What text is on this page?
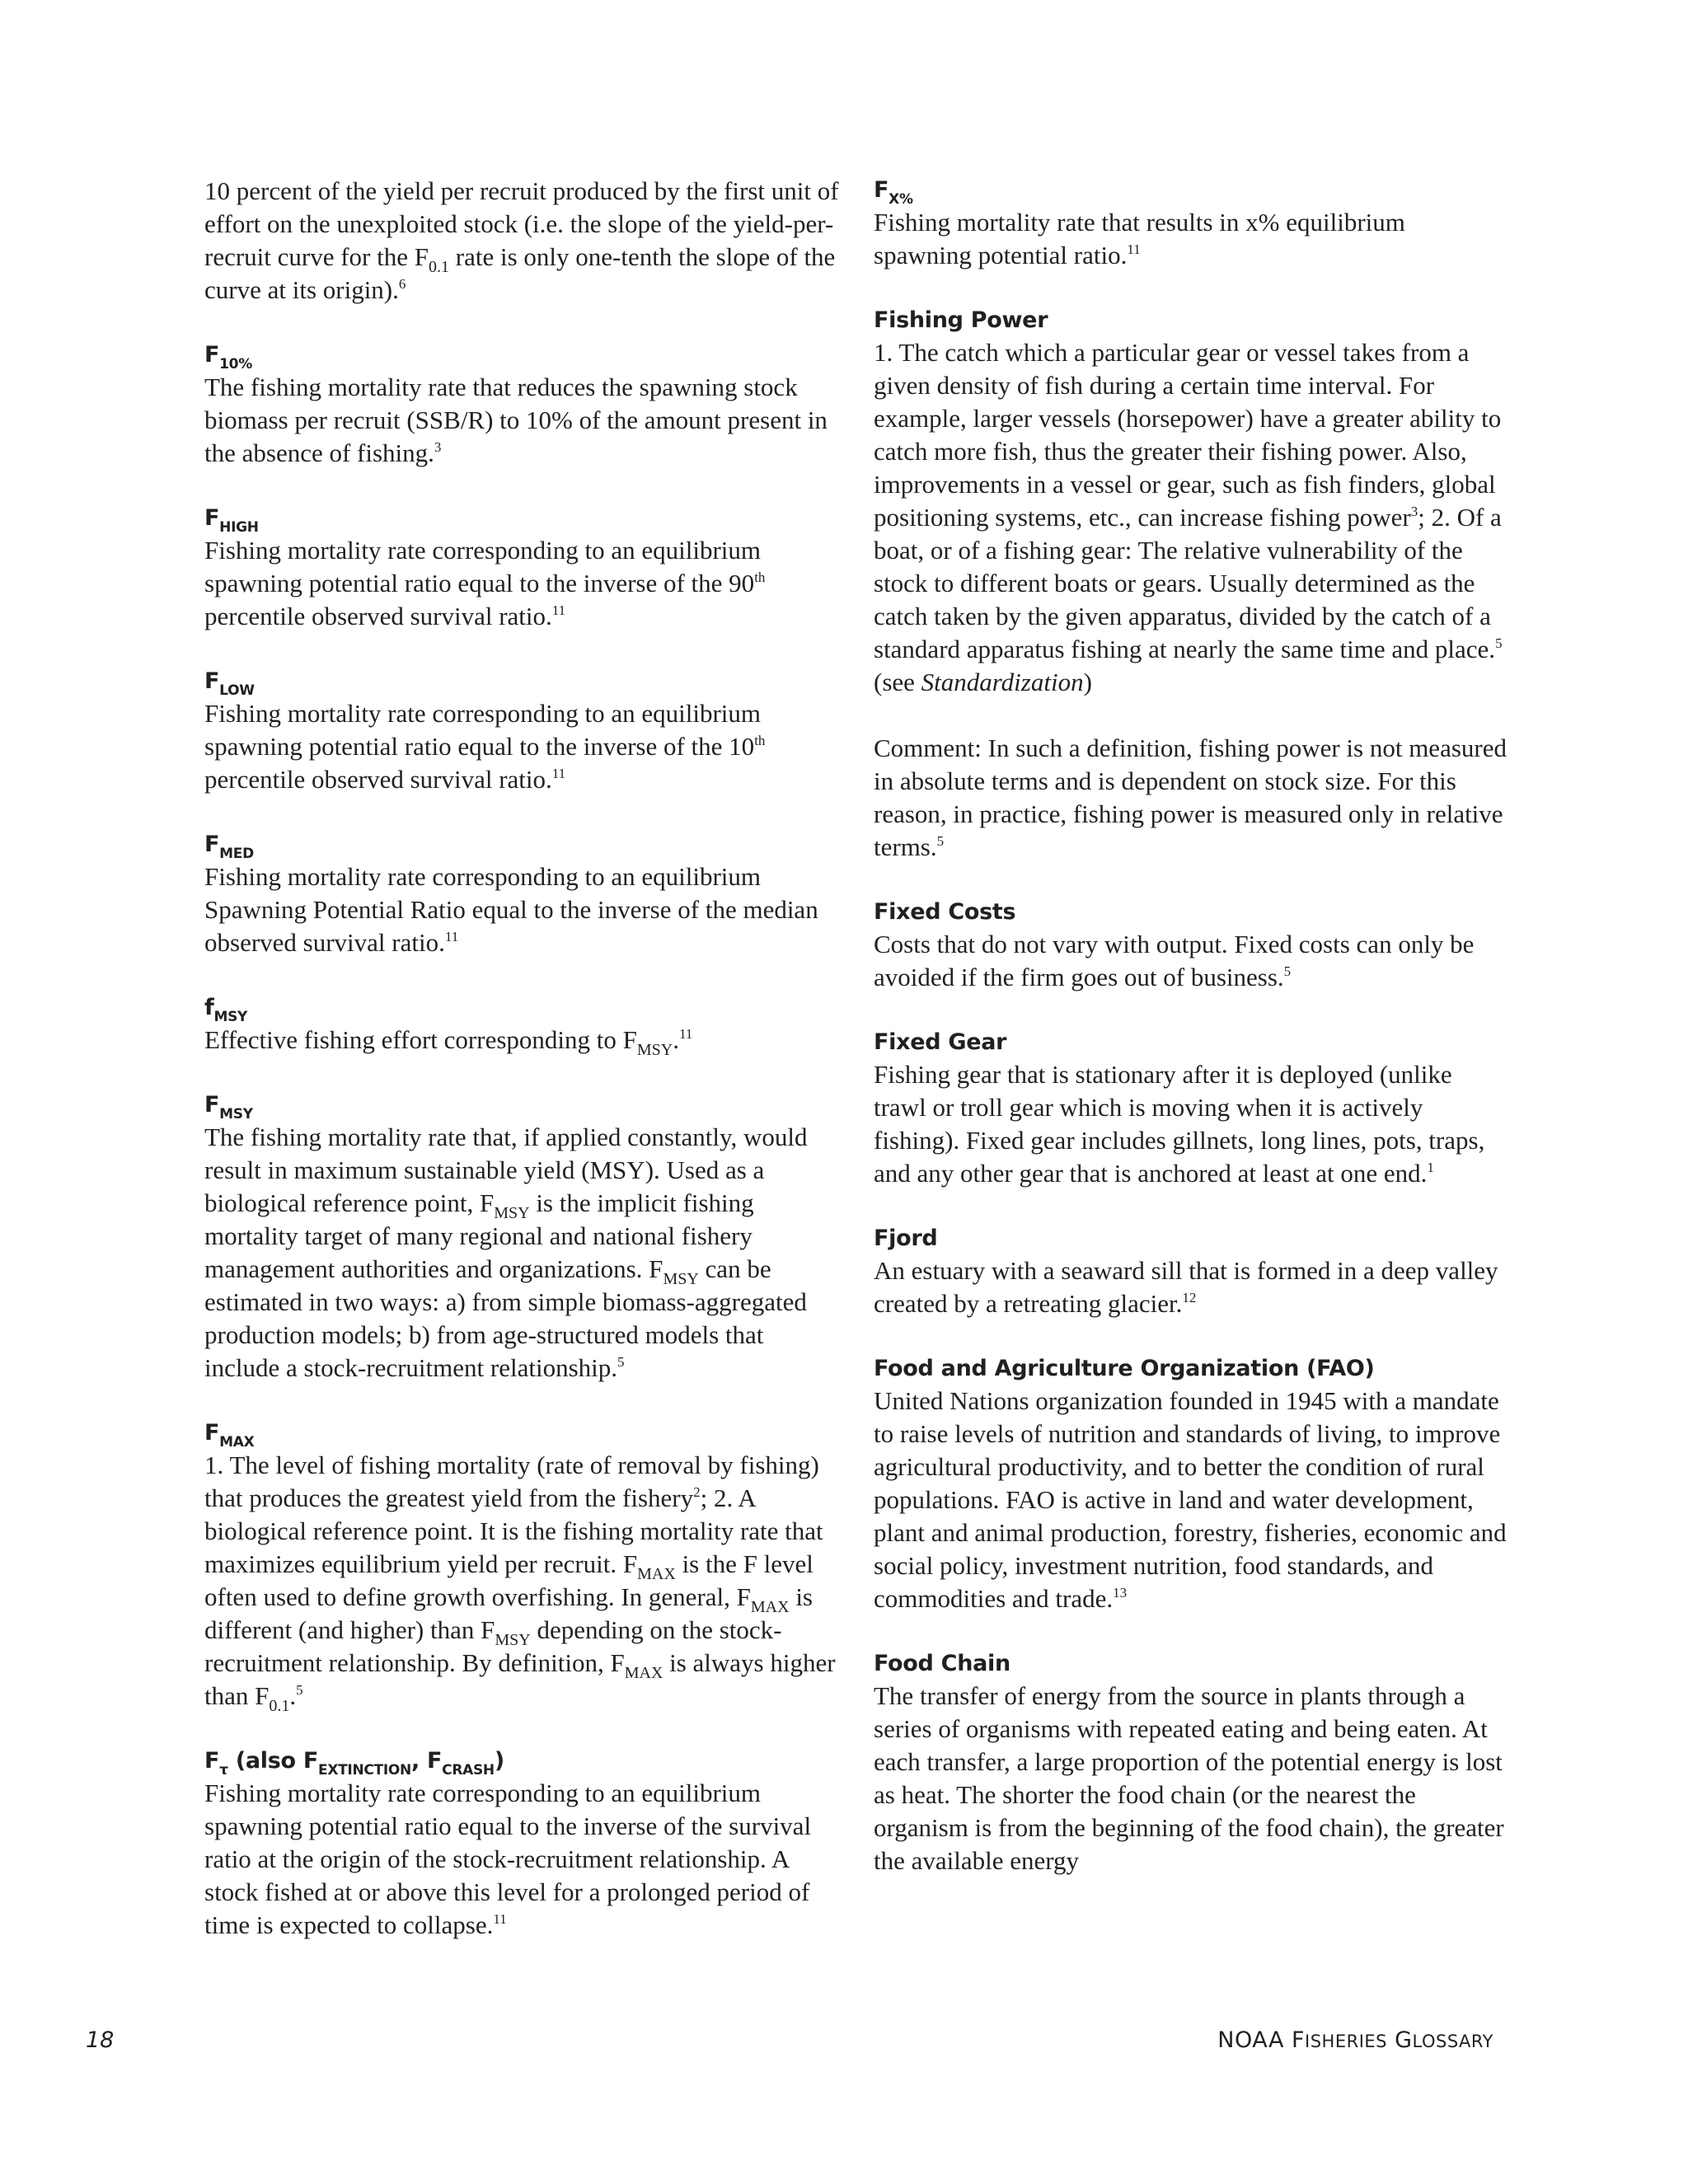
10 percent of the yield per recruit produced by the first unit of effort on the unexploited stock (i.e. the slope of the yield-per-recruit curve for the $F_{0.1}$ rate is only one-tenth the slope of the curve at its origin).$^6$
$F_{10\%}$
The fishing mortality rate that reduces the spawning stock biomass per recruit (SSB/R) to 10% of the amount present in the absence of fishing.$^3$
$F_{HIGH}$
Fishing mortality rate corresponding to an equilibrium spawning potential ratio equal to the inverse of the 90th percentile observed survival ratio.$^{11}$
$F_{LOW}$
Fishing mortality rate corresponding to an equilibrium spawning potential ratio equal to the inverse of the 10th percentile observed survival ratio.$^{11}$
$F_{MED}$
Fishing mortality rate corresponding to an equilibrium Spawning Potential Ratio equal to the inverse of the median observed survival ratio.$^{11}$
$f_{MSY}$
Effective fishing effort corresponding to $F_{MSY}.^{11}$
$F_{MSY}$
The fishing mortality rate that, if applied constantly, would result in maximum sustainable yield (MSY). Used as a biological reference point, $F_{MSY}$ is the implicit fishing mortality target of many regional and national fishery management authorities and organizations. $F_{MSY}$ can be estimated in two ways: a) from simple biomass-aggregated production models; b) from age-structured models that include a stock-recruitment relationship.$^5$
$F_{MAX}$
1. The level of fishing mortality (rate of removal by fishing) that produces the greatest yield from the fishery$^2$; 2. A biological reference point. It is the fishing mortality rate that maximizes equilibrium yield per recruit. $F_{MAX}$ is the F level often used to define growth overfishing. In general, $F_{MAX}$ is different (and higher) than $F_{MSY}$ depending on the stock-recruitment relationship. By definition, $F_{MAX}$ is always higher than $F_{0.1}.^5$
$F_\tau$ (also $F_{EXTINCTION}$, $F_{CRASH}$)
Fishing mortality rate corresponding to an equilibrium spawning potential ratio equal to the inverse of the survival ratio at the origin of the stock-recruitment relationship. A stock fished at or above this level for a prolonged period of time is expected to collapse.$^{11}$
$F_{X\%}$
Fishing mortality rate that results in x% equilibrium spawning potential ratio.$^{11}$
Fishing Power
1. The catch which a particular gear or vessel takes from a given density of fish during a certain time interval. For example, larger vessels (horsepower) have a greater ability to catch more fish, thus the greater their fishing power. Also, improvements in a vessel or gear, such as fish finders, global positioning systems, etc., can increase fishing power$^3$; 2. Of a boat, or of a fishing gear: The relative vulnerability of the stock to different boats or gears. Usually determined as the catch taken by the given apparatus, divided by the catch of a standard apparatus fishing at nearly the same time and place.$^5$ (see Standardization)
Comment: In such a definition, fishing power is not measured in absolute terms and is dependent on stock size. For this reason, in practice, fishing power is measured only in relative terms.$^5$
Fixed Costs
Costs that do not vary with output. Fixed costs can only be avoided if the firm goes out of business.$^5$
Fixed Gear
Fishing gear that is stationary after it is deployed (unlike trawl or troll gear which is moving when it is actively fishing). Fixed gear includes gillnets, long lines, pots, traps, and any other gear that is anchored at least at one end.$^1$
Fjord
An estuary with a seaward sill that is formed in a deep valley created by a retreating glacier.$^{12}$
Food and Agriculture Organization (FAO)
United Nations organization founded in 1945 with a mandate to raise levels of nutrition and standards of living, to improve agricultural productivity, and to better the condition of rural populations. FAO is active in land and water development, plant and animal production, forestry, fisheries, economic and social policy, investment nutrition, food standards, and commodities and trade.$^{13}$
Food Chain
The transfer of energy from the source in plants through a series of organisms with repeated eating and being eaten. At each transfer, a large proportion of the potential energy is lost as heat. The shorter the food chain (or the nearest the organism is from the beginning of the food chain), the greater the available energy
18	NOAA FISHERIES GLOSSARY
